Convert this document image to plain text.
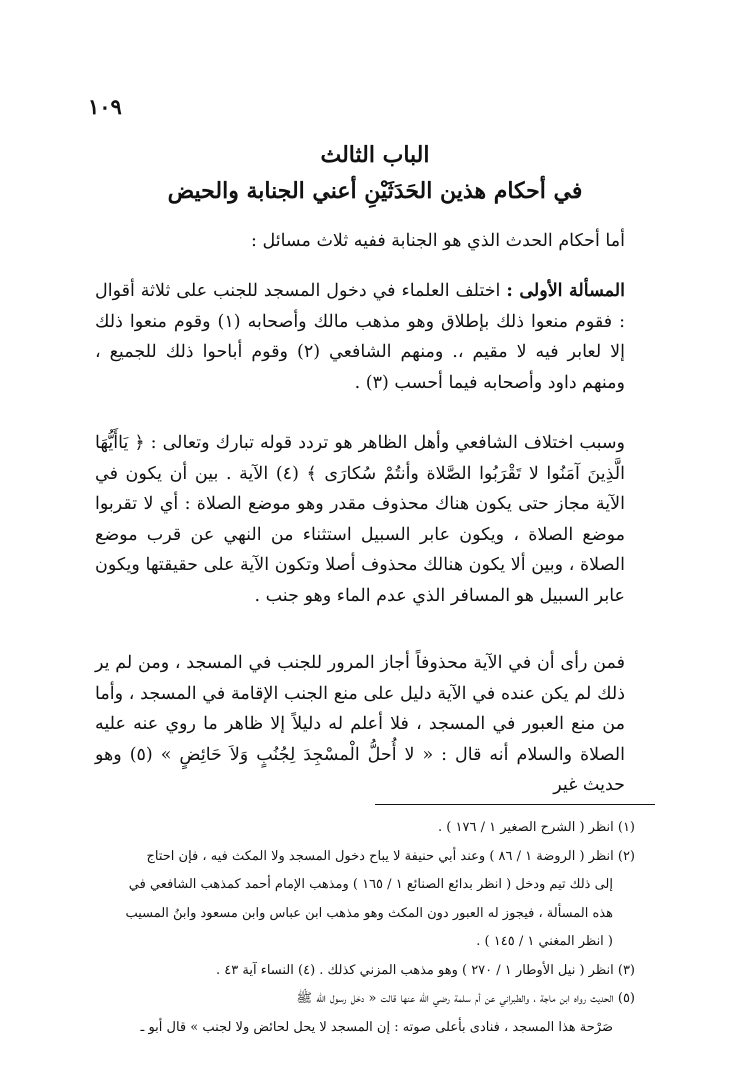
١٠٩
الباب الثالث
في أحكام هذين الحَدَثَيْنِ أعني الجنابة والحيض

أما أحكام الحدث الذي هو الجنابة ففيه ثلاث مسائل :

المسألة الأولى : اختلف العلماء في دخول المسجد للجنب على ثلاثة أقوال : فقوم منعوا ذلك بإطلاق وهو مذهب مالك وأصحابه (١) وقوم منعوا ذلك إلا لعابر فيه لا مقيم ،. ومنهم الشافعي (٢) وقوم أباحوا ذلك للجميع ، ومنهم داود وأصحابه فيما أحسب (٣) .

وسبب اختلاف الشافعي وأهل الظاهر هو تردد قوله تبارك وتعالى : ﴿ يَاأَيُّهَا الَّذِينَ آمَنُوا لا تَقْرَبُوا الصَّلاة وأنتُمْ سُكارَى ﴾ (٤) الآية . بين أن يكون في الآية مجاز حتى يكون هناك محذوف مقدر وهو موضع الصلاة : أي لا تقربوا موضع الصلاة ، ويكون عابر السبيل استثناء من النهي عن قرب موضع الصلاة ، وبين ألا يكون هنالك محذوف أصلا وتكون الآية على حقيقتها ويكون عابر السبيل هو المسافر الذي عدم الماء وهو جنب .

فمن رأى أن في الآية محذوفاً أجاز المرور للجنب في المسجد ، ومن لم ير ذلك لم يكن عنده في الآية دليل على منع الجنب الإقامة في المسجد ، وأما من منع العبور في المسجد ، فلا أعلم له دليلاً إلا ظاهر ما روي عنه عليه الصلاة والسلام أنه قال : « لا أُحلُّ الْمسْجِدَ لِجُنُبٍ وَلاَ حَائِضٍ » (٥) وهو حديث غير

(١) انظر ( الشرح الصغير ١ / ١٧٦ ) .
(٢) انظر ( الروضة ١ / ٨٦ ) وعند أبي حنيفة لا يباح دخول المسجد ولا المكث فيه ، فإن احتاج
إلى ذلك تيم ودخل ( انظر بدائع الصنائع ١ / ١٦٥ ) ومذهب الإمام أحمد كمذهب الشافعي في
هذه المسألة ، فيجوز له العبور دون المكث وهو مذهب ابن عباس وابن مسعود وابنُ المسيب
( انظر المغني ١ / ١٤٥ ) .
(٣) انظر ( نيل الأوطار ١ / ٢٧٠ ) وهو مذهب المزني كذلك . (٤) النساء آية ٤٣ .
(٥) الحديث رواه ابن ماجة ، والطبراني عن أم سلمة رضي الله عنها قالت « دخل رسول الله ﷺ
صَرْحة هذا المسجد ، فنادى بأعلى صوته : إن المسجد لا يحل لحائض ولا لجنب » قال أبو ـ
